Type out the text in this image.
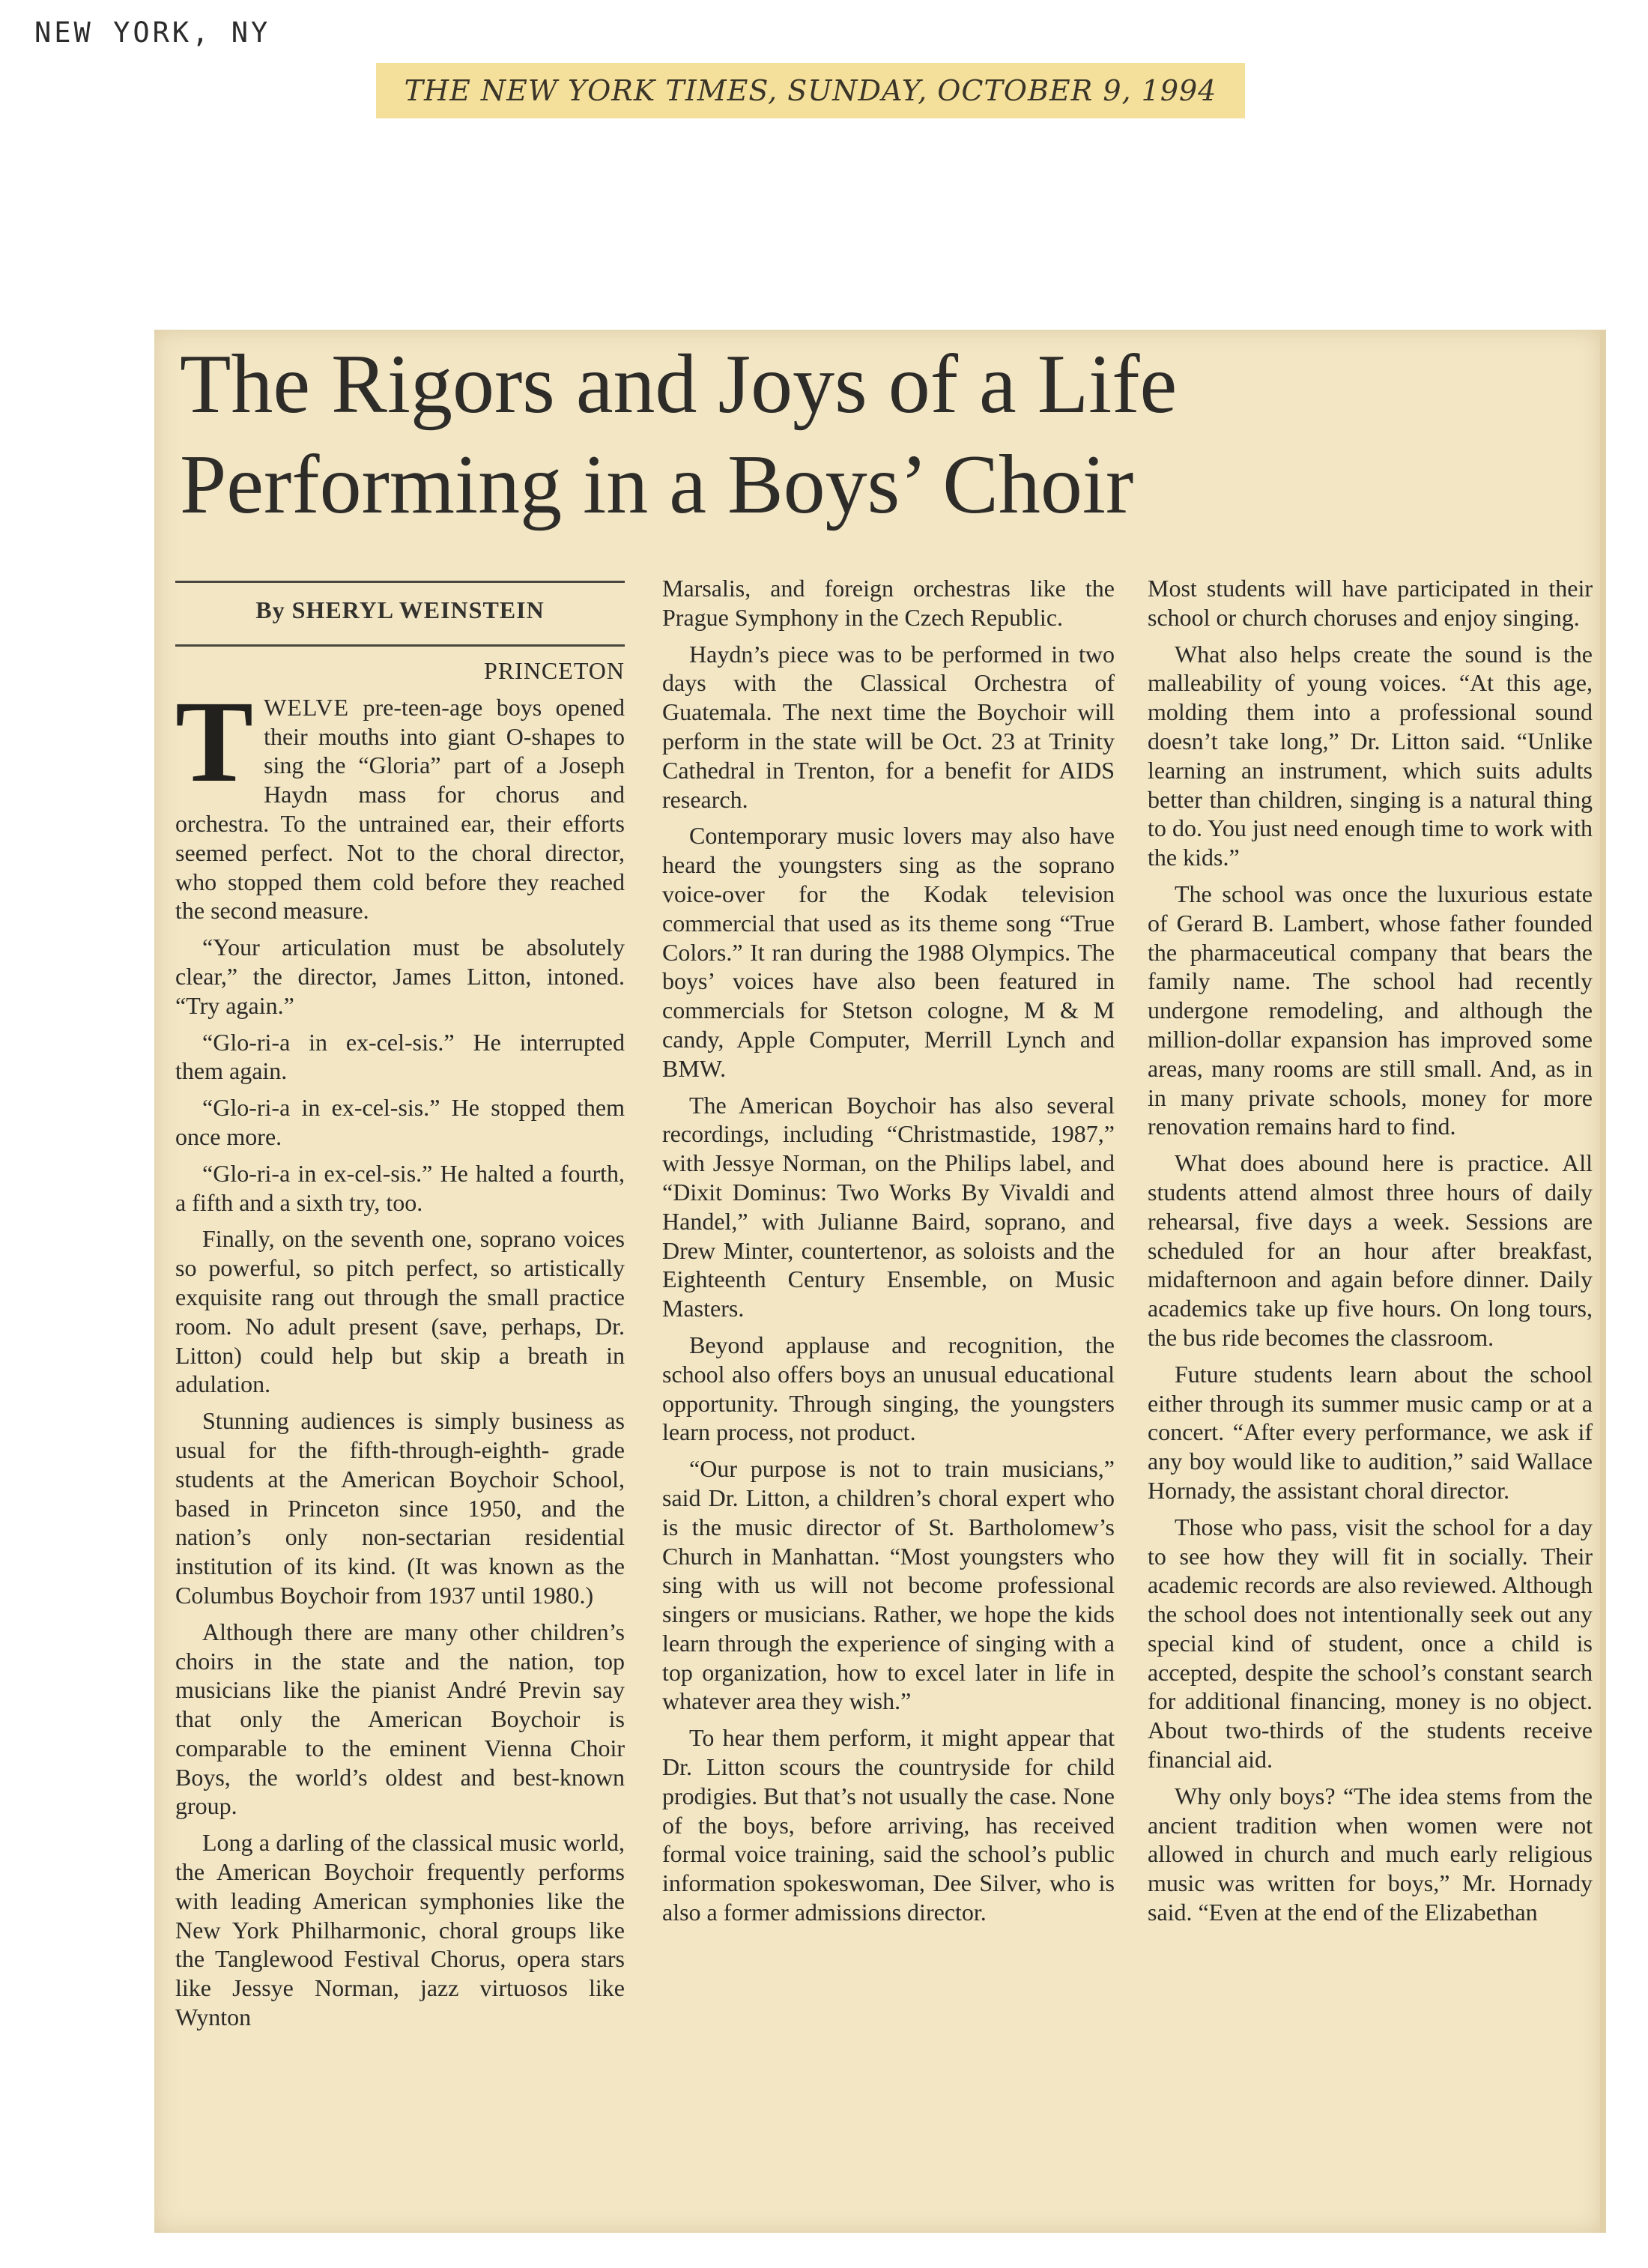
NEW YORK, NY

THE NEW YORK TIMES, SUNDAY, OCTOBER 9, 1994

The Rigors and Joys of a Life
Performing in a Boys’ Choir

By SHERYL WEINSTEIN

PRINCETON

TWELVE pre-teen-age boys opened their mouths into giant O-shapes to sing the “Gloria” part of a Joseph Haydn mass for chorus and orchestra. To the untrained ear, their efforts seemed perfect. Not to the choral director, who stopped them cold before they reached the second measure.

“Your articulation must be absolutely clear,” the director, James Litton, intoned. “Try again.”

“Glo-ri-a in ex-cel-sis.” He interrupted them again.

“Glo-ri-a in ex-cel-sis.” He stopped them once more.

“Glo-ri-a in ex-cel-sis.” He halted a fourth, a fifth and a sixth try, too.

Finally, on the seventh one, soprano voices so powerful, so pitch perfect, so artistically exquisite rang out through the small practice room. No adult present (save, perhaps, Dr. Litton) could help but skip a breath in adulation.

Stunning audiences is simply business as usual for the fifth-through-eighth- grade students at the American Boychoir School, based in Princeton since 1950, and the nation’s only non-sectarian residential institution of its kind. (It was known as the Columbus Boychoir from 1937 until 1980.)

Although there are many other children’s choirs in the state and the nation, top musicians like the pianist André Previn say that only the American Boychoir is comparable to the eminent Vienna Choir Boys, the world’s oldest and best-known group.

Long a darling of the classical music world, the American Boychoir frequently performs with leading American symphonies like the New York Philharmonic, choral groups like the Tanglewood Festival Chorus, opera stars like Jessye Norman, jazz virtuosos like Wynton

Marsalis, and foreign orchestras like the Prague Symphony in the Czech Republic.

Haydn’s piece was to be performed in two days with the Classical Orchestra of Guatemala. The next time the Boychoir will perform in the state will be Oct. 23 at Trinity Cathedral in Trenton, for a benefit for AIDS research.

Contemporary music lovers may also have heard the youngsters sing as the soprano voice-over for the Kodak television commercial that used as its theme song “True Colors.” It ran during the 1988 Olympics. The boys’ voices have also been featured in commercials for Stetson cologne, M & M candy, Apple Computer, Merrill Lynch and BMW.

The American Boychoir has also several recordings, including “Christmastide, 1987,” with Jessye Norman, on the Philips label, and “Dixit Dominus: Two Works By Vivaldi and Handel,” with Julianne Baird, soprano, and Drew Minter, countertenor, as soloists and the Eighteenth Century Ensemble, on Music Masters.

Beyond applause and recognition, the school also offers boys an unusual educational opportunity. Through singing, the youngsters learn process, not product.

“Our purpose is not to train musicians,” said Dr. Litton, a children’s choral expert who is the music director of St. Bartholomew’s Church in Manhattan. “Most youngsters who sing with us will not become professional singers or musicians. Rather, we hope the kids learn through the experience of singing with a top organization, how to excel later in life in whatever area they wish.”

To hear them perform, it might appear that Dr. Litton scours the countryside for child prodigies. But that’s not usually the case. None of the boys, before arriving, has received formal voice training, said the school’s public information spokeswoman, Dee Silver, who is also a former admissions director.

Most students will have participated in their school or church choruses and enjoy singing.

What also helps create the sound is the malleability of young voices. “At this age, molding them into a professional sound doesn’t take long,” Dr. Litton said. “Unlike learning an instrument, which suits adults better than children, singing is a natural thing to do. You just need enough time to work with the kids.”

The school was once the luxurious estate of Gerard B. Lambert, whose father founded the pharmaceutical company that bears the family name. The school had recently undergone remodeling, and although the million-dollar expansion has improved some areas, many rooms are still small. And, as in in many private schools, money for more renovation remains hard to find.

What does abound here is practice. All students attend almost three hours of daily rehearsal, five days a week. Sessions are scheduled for an hour after breakfast, midafternoon and again before dinner. Daily academics take up five hours. On long tours, the bus ride becomes the classroom.

Future students learn about the school either through its summer music camp or at a concert. “After every performance, we ask if any boy would like to audition,” said Wallace Hornady, the assistant choral director.

Those who pass, visit the school for a day to see how they will fit in socially. Their academic records are also reviewed. Although the school does not intentionally seek out any special kind of student, once a child is accepted, despite the school’s constant search for additional financing, money is no object. About two-thirds of the students receive financial aid.

Why only boys? “The idea stems from the ancient tradition when women were not allowed in church and much early religious music was written for boys,” Mr. Hornady said. “Even at the end of the Elizabethan
